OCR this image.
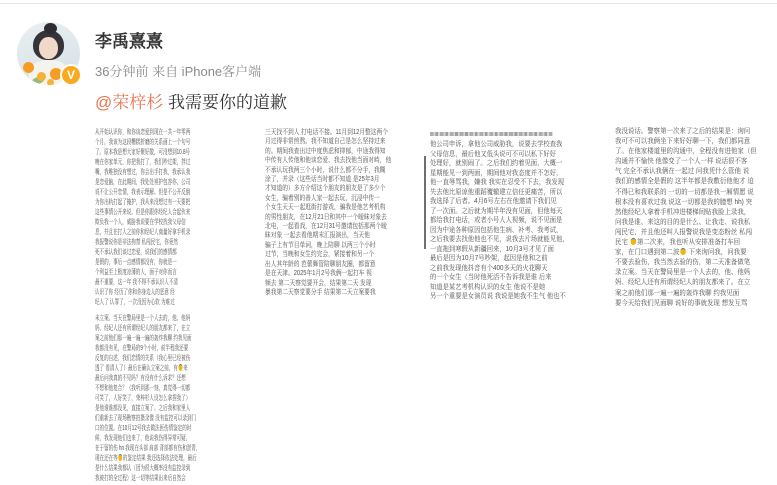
V
李禹熹熹
36分钟前 来自 iPhone客户端
@荣梓杉 我需要你的道歉
从开始认识你，和你谈恋爱到现在一共一年零两
个月，我该为这段糟糕折磨的关系画上一个句号
了。原本我是想大家好聚好散，可没想到10.8号
晚在你家单元，你把我打了，我们吵过架，拌过
嘴，我唯独没有想过，你会出手打我，我承认我
是恋爱脑，在此期间，我处处袒护包容你，公司
说不让公开恋情，我表示理解。但是不公开反倒
为你出轨打起了掩护，我从来没想过有一天要把
这些事情公开来说。但是你跟你经纪人合起伙来
欺负我一个人，威胁我说要在学校找我父母信
息，并且在打人之前你和经纪人商量好拿手机录
我报警说你是非法拘禁 私闯民宅，你竟然
死不承认我们谈过恋爱，说我们的感情都
是假的，事后一点感情都没有，你就是一
个利益至上极度凉薄的人，面子对你而言
最不重要，这一年 我不得不承认识人不清
认识了你 经历了你和你身边人的恶意 经
纪人了 认罪了，一次没因为心软 为难过
未立案。当天在警局里是一个人去的，他、他妈
妈、经纪人还有所谓经纪人的朋友都来了，在立
案之前他们那一遍一遍一遍的轰炸我聊 约我见面
我都没有见，在警局的9个小时，前半程我还要
反复的自述，我们恋情的关系（我心里已经被伤
透了 看清人了）最后在确认立案之前，有 来
最后问我真的不见吗？有没有什么诉求？还想
不想和他复合？（我听到那一刻，真觉得一切都
可笑了，人好笑了，荣梓杉人设怎么拿捏我了）
是他谁谁都没见，直接立案了。之后我和家里人
们重新去了现场勘察拍摄录像 没有监控可以录到门
口的位置。在10月12号我去做法医伤情鉴定的时
候，我发现他们也来了，他说我伤得异常可疑，
在于留的伤 hn 我现在头部 肩部 背部都有伤和淤青，
现在还在等 的鉴定结果 我还选择依法处理，最后
是什么结果我都认（因为很大概率没有监控录到
我被打的全过程）这一切等结果出来后自然会
三天找不到人 打电话不接。11月到12月整这两个
月过得非常煎熬。我不知道自己是怎么坚持过来
的。期间我查出过中度焦虑和抑郁，中途我得知
中传有人传他和他谈恋爱、我去找他当面对峙，他
不承认玩我两三个小时，说什么都不分手，我糊
涂了，并录（这些话当时都不知道 是25年3月
才知道的）多方介绍这个朋友的朋友是了多少个
女生，骗着别的善人家一起去玩，沉浸中传一
个女生天天一起逛街打游戏，骗我是他艺考机构
的男性朋友，在12月21日和其中一个暧昧对象去
北电，一起看戏，在12月31号邀请包括那两个暧
昧对象 一起去看他期末汇报演出，当天他
骗子上有节目单词，晚上陪聊 以两三个小时
过节，当晚和女生约完会，紧接着和另一个
出人其年龄的 芭蕾舞管陪聊朋友圈，都留意
是在天津。2025年1月2号我俩一起打车 视
频去 第二天察觉要开会，结果第二天 发现
暴我第二天察觉要分手 结果第二天立案要我
他公司申诉，拿他公司威胁我，说要去学校查我
父母信息，最后他又低头说可不可以私下好好
处理好，就别闹了。之后我们约着见面，大概一
星期能见一到两面，期间他对我态度并不怎好，
他一直辱骂我，嫌我 我实在忍受不下去，我发现
失去他比原谅他重蹈覆辙建立信任更痛苦，所以
我选择了后者。4月6号左右在他邀请下我们见
了一次面。之后就为期半年没有见面，但他每天
都给我打电话，或者小号人人视频，说不见面是
因为中途各种原因包括他生病、补考、我考试，
之后我要去找他他也不见，说我去片场就能见他，
一直拖到寒假从新疆回来，10月3号才见了面
最后是因为10月7号吵架，起因是他和之前
之前我发现他抖音有个400多天的火花聊天
的一个女生（当时他死活不告诉我是谁 后来
知道是某艺考机构认识的女生 他说不是她
另一个重要是女演员说 我说是她我不生气 他也不
我没说话。警察第一次来了之后的结果是：询问
我可不可以我俩坐下来好好聊一下，我们都同意
了。在他家楼道里的沟通中，全程没有进他家（但
沟通并不愉快 他像变了一个人一样 说话很不客
气 完全不承认我俩在一起过 问我凭什么管他 说
我们的感情全是假的 这半年都是我敷衍他他才 迫
不得已和我联系的 一切的一切都是我一厢情愿 说
根本没有喜欢过我 说这一切都是我的臆想 hh) 突
然他经纪人拿着手机冲进楼梯间贴我脸上录我，
问我是谁、来这的目的是什么、让我走、说我私
闯民宅，并且他还叫人报警说我是变态粉丝 私闯
民宅 第二次来，我也听从安排准备打车回
家，在门口遇到第二波 下来询问我，问我要
不要去验伤，我当然去验的伤，第二天准备做笔
录立案。当天在警局里是一个人去的，他、他妈
妈、经纪人还有所谓经纪人的朋友都来了。在立
案之前他们那一遍一遍的轰炸我聊 约我见面
要今天给我们见面聊 说好的事就发现 想发互骂
